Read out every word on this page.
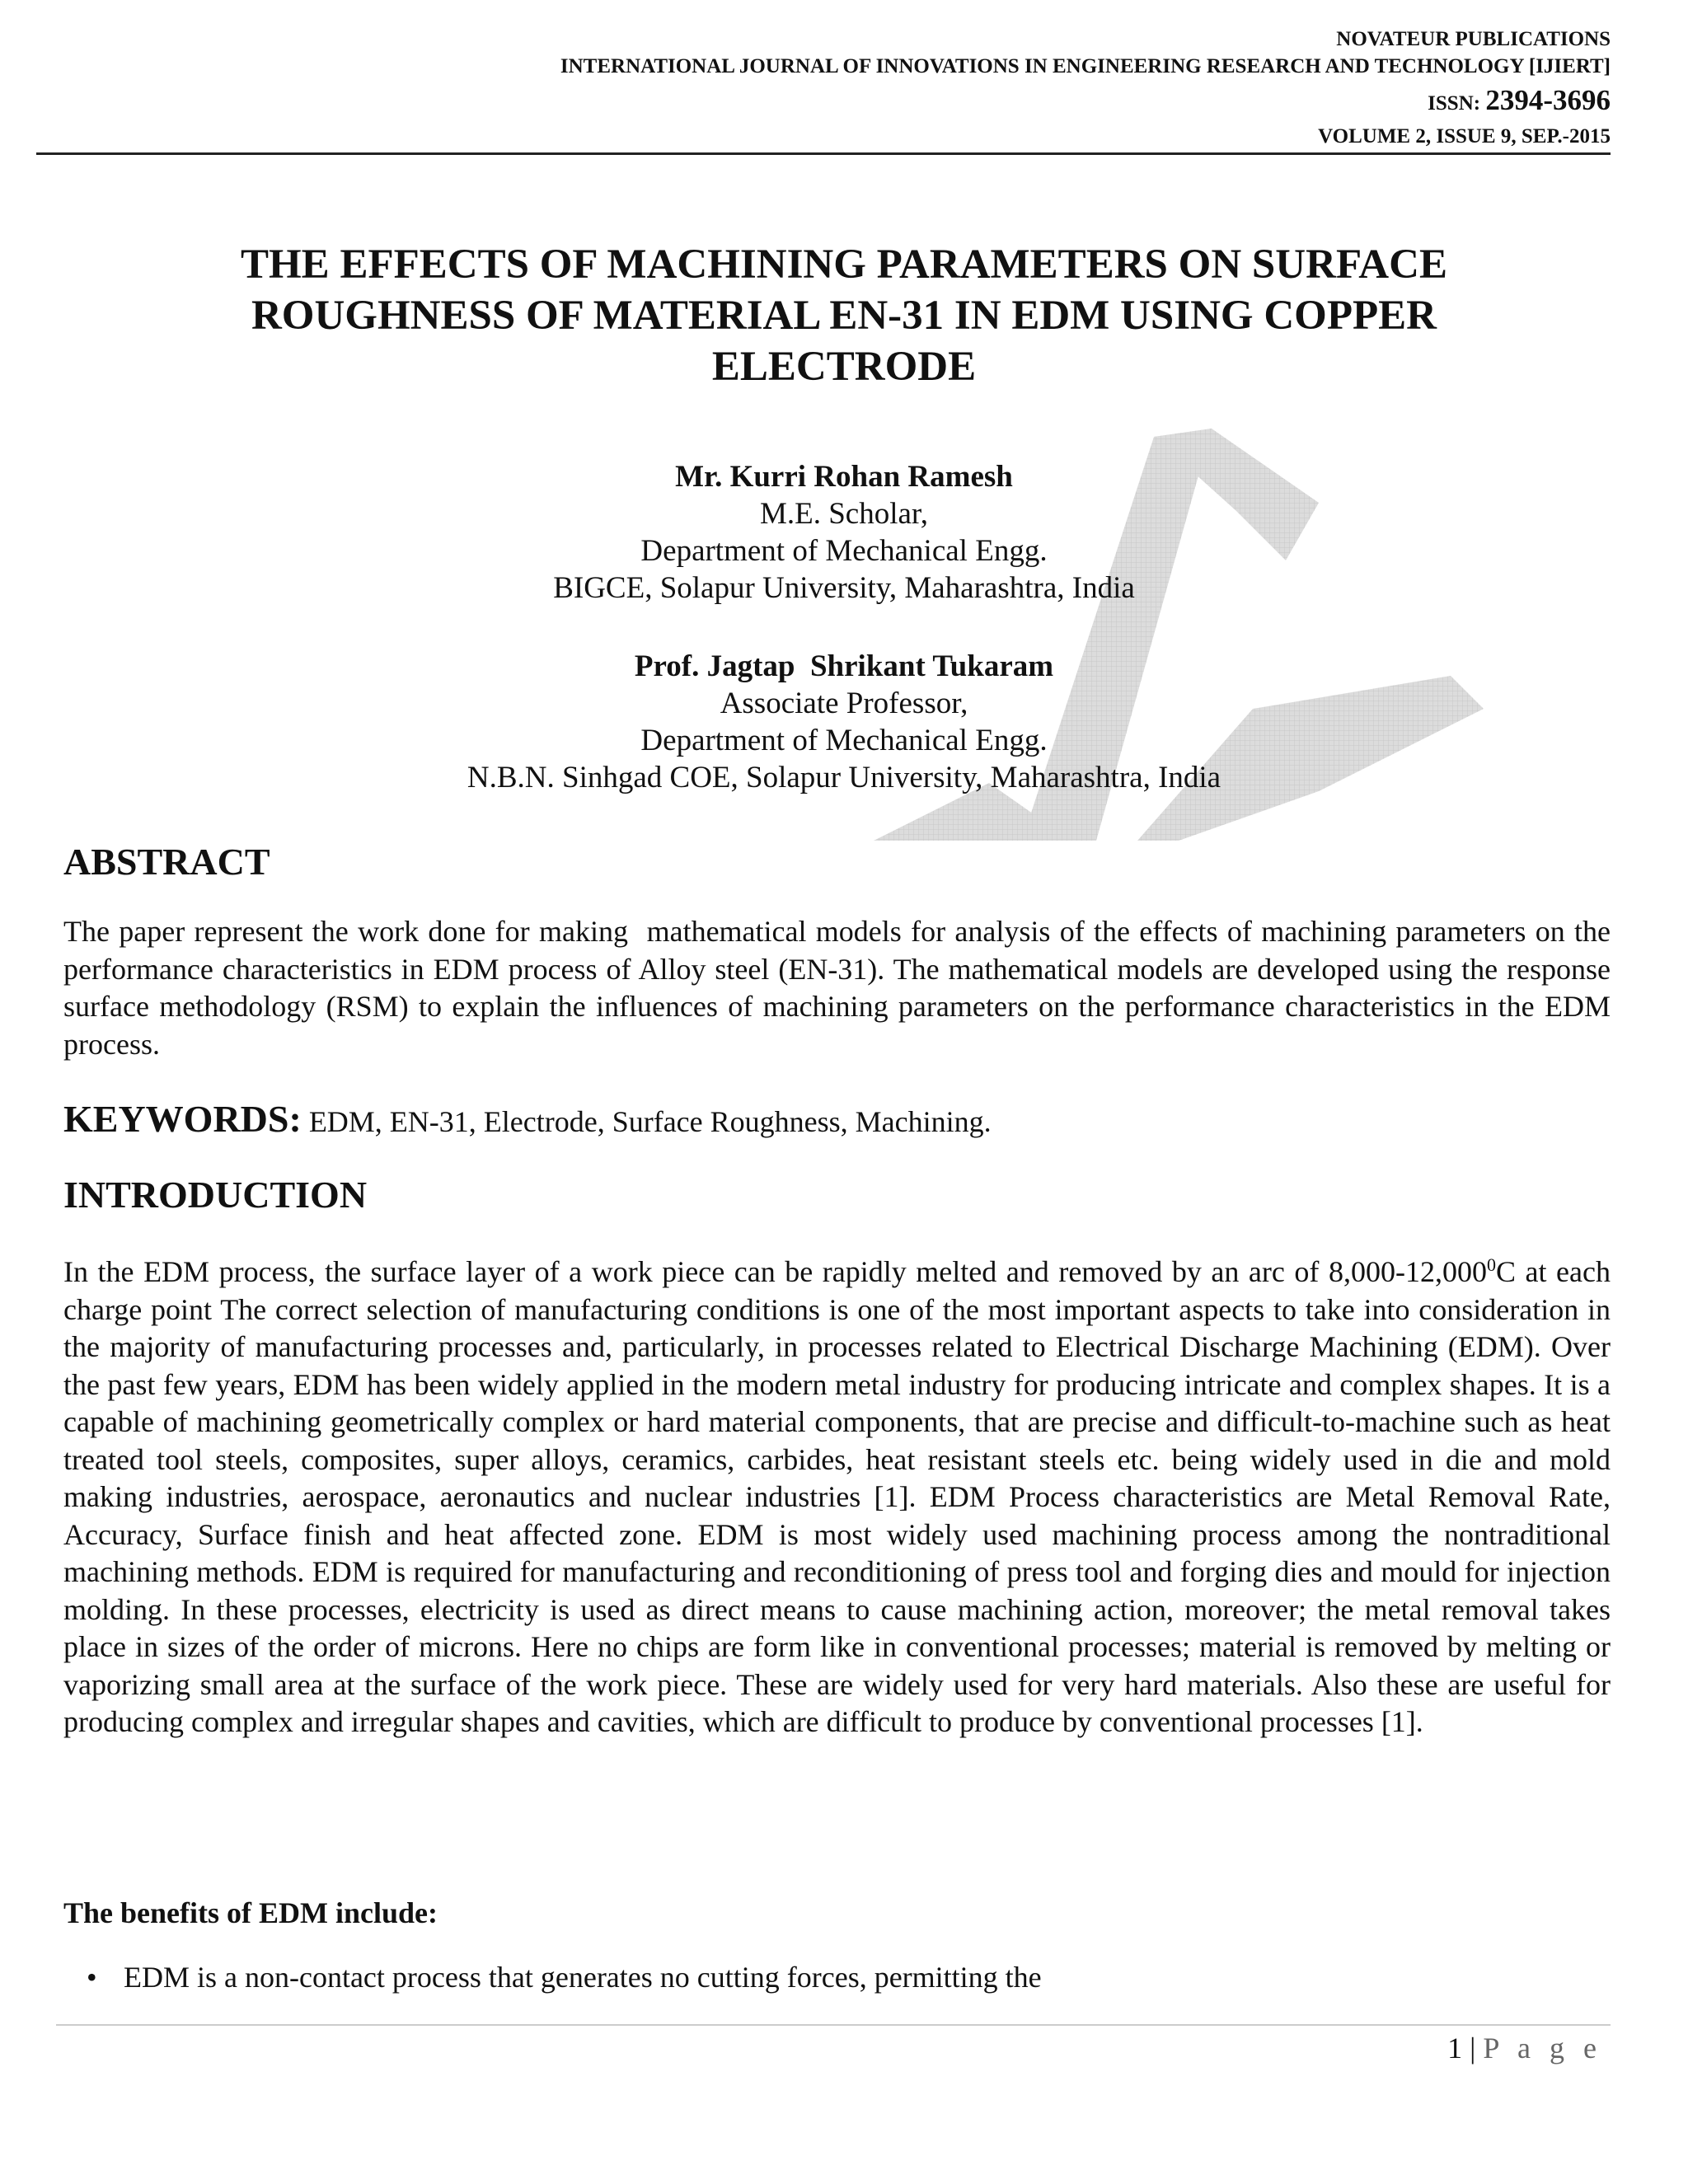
NOVATEUR PUBLICATIONS
INTERNATIONAL JOURNAL OF INNOVATIONS IN ENGINEERING RESEARCH AND TECHNOLOGY [IJIERT]
ISSN: 2394-3696
VOLUME 2, ISSUE 9, SEP.-2015
THE EFFECTS OF MACHINING PARAMETERS ON SURFACE
ROUGHNESS OF MATERIAL EN-31 IN EDM USING COPPER
ELECTRODE
Mr. Kurri Rohan Ramesh
M.E. Scholar,
Department of Mechanical Engg.
BIGCE, Solapur University, Maharashtra, India
Prof. Jagtap  Shrikant Tukaram
Associate Professor,
Department of Mechanical Engg.
N.B.N. Sinhgad COE, Solapur University, Maharashtra, India
ABSTRACT
The paper represent the work done for making  mathematical models for analysis of the effects of machining parameters on the performance characteristics in EDM process of Alloy steel (EN-31). The mathematical models are developed using the response surface methodology (RSM) to explain the influences of machining parameters on the performance characteristics in the EDM process.
KEYWORDS: EDM, EN-31, Electrode, Surface Roughness, Machining.
INTRODUCTION
In the EDM process, the surface layer of a work piece can be rapidly melted and removed by an arc of 8,000-12,000$^0$C at each charge point The correct selection of manufacturing conditions is one of the most important aspects to take into consideration in the majority of manufacturing processes and, particularly, in processes related to Electrical Discharge Machining (EDM). Over the past few years, EDM has been widely applied in the modern metal industry for producing intricate and complex shapes. It is a capable of machining geometrically complex or hard material components, that are precise and difficult-to-machine such as heat treated tool steels, composites, super alloys, ceramics, carbides, heat resistant steels etc. being widely used in die and mold making industries, aerospace, aeronautics and nuclear industries [1]. EDM Process characteristics are Metal Removal Rate, Accuracy, Surface finish and heat affected zone. EDM is most widely used machining process among the nontraditional machining methods. EDM is required for manufacturing and reconditioning of press tool and forging dies and mould for injection molding. In these processes, electricity is used as direct means to cause machining action, moreover; the metal removal takes place in sizes of the order of microns. Here no chips are form like in conventional processes; material is removed by melting or vaporizing small area at the surface of the work piece. These are widely used for very hard materials. Also these are useful for producing complex and irregular shapes and cavities, which are difficult to produce by conventional processes [1].
The benefits of EDM include:
• EDM is a non-contact process that generates no cutting forces, permitting the
1 | P a g e
